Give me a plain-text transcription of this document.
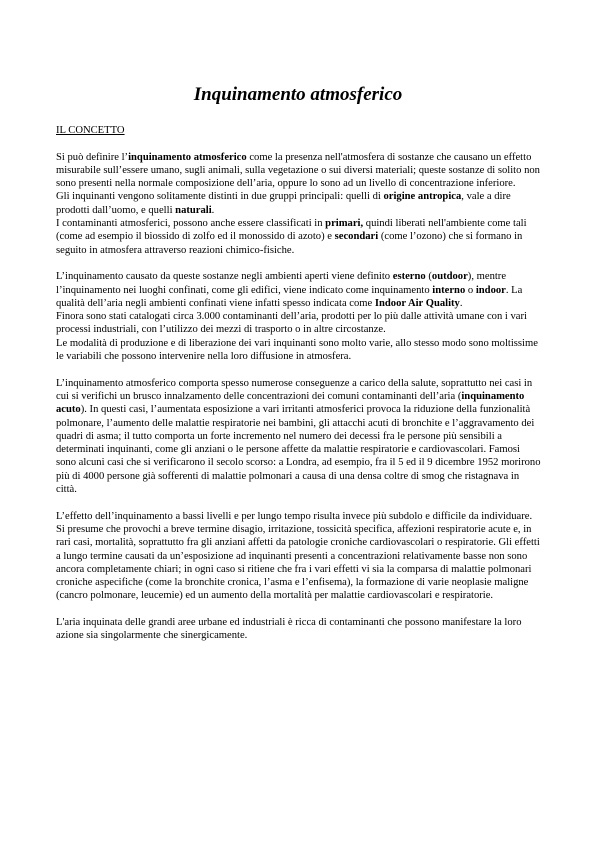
Inquinamento atmosferico

IL CONCETTO

Si può definire l’inquinamento atmosferico come la presenza nell'atmosfera di sostanze che causano un effetto misurabile sull’essere umano, sugli animali, sulla vegetazione o sui diversi materiali; queste sostanze di solito non sono presenti nella normale composizione dell’aria, oppure lo sono ad un livello di concentrazione inferiore.

Gli inquinanti vengono solitamente distinti in due gruppi principali: quelli di origine antropica, vale a dire prodotti dall’uomo, e quelli naturali.

I contaminanti atmosferici, possono anche essere classificati in primari, quindi liberati nell'ambiente come tali (come ad esempio il biossido di zolfo ed il monossido di azoto) e secondari (come l’ozono) che si formano in seguito in atmosfera attraverso reazioni chimico-fisiche.

L’inquinamento causato da queste sostanze negli ambienti aperti viene definito esterno (outdoor), mentre l’inquinamento nei luoghi confinati, come gli edifici, viene indicato come inquinamento interno o indoor. La qualità dell’aria negli ambienti confinati viene infatti spesso indicata come Indoor Air Quality.

Finora sono stati catalogati circa 3.000 contaminanti dell’aria, prodotti per lo più dalle attività umane con i vari processi industriali, con l’utilizzo dei mezzi di trasporto o in altre circostanze.

Le modalità di produzione e di liberazione dei vari inquinanti sono molto varie, allo stesso modo sono moltissime le variabili che possono intervenire nella loro diffusione in atmosfera.

L’inquinamento atmosferico comporta spesso numerose conseguenze a carico della salute, soprattutto nei casi in cui si verifichi un brusco innalzamento delle concentrazioni dei comuni contaminanti dell’aria (inquinamento acuto). In questi casi, l’aumentata esposizione a vari irritanti atmosferici provoca la riduzione della funzionalità polmonare, l’aumento delle malattie respiratorie nei bambini, gli attacchi acuti di bronchite e l’aggravamento dei quadri di asma; il tutto comporta un forte incremento nel numero dei decessi fra le persone più sensibili a determinati inquinanti, come gli anziani o le persone affette da malattie respiratorie e cardiovascolari. Famosi sono alcuni casi che si verificarono il secolo scorso: a Londra, ad esempio, fra il 5 ed il 9 dicembre 1952 morirono più di 4000 persone già sofferenti di malattie polmonari a causa di una densa coltre di smog che ristagnava in città.

L’effetto dell’inquinamento a bassi livelli e per lungo tempo risulta invece più subdolo e difficile da individuare. Si presume che provochi a breve termine disagio, irritazione, tossicità specifica, affezioni respiratorie acute e, in rari casi, mortalità, soprattutto fra gli anziani affetti da patologie croniche cardiovascolari o respiratorie. Gli effetti a lungo termine causati da un’esposizione ad inquinanti presenti a concentrazioni relativamente basse non sono ancora completamente chiari; in ogni caso si ritiene che fra i vari effetti vi sia la comparsa di malattie polmonari croniche aspecifiche (come la bronchite cronica, l’asma e l’enfisema), la formazione di varie neoplasie maligne (cancro polmonare, leucemie) ed un aumento della mortalità per malattie cardiovascolari e respiratorie.

L'aria inquinata delle grandi aree urbane ed industriali è ricca di contaminanti che possono manifestare la loro azione sia singolarmente che sinergicamente.
